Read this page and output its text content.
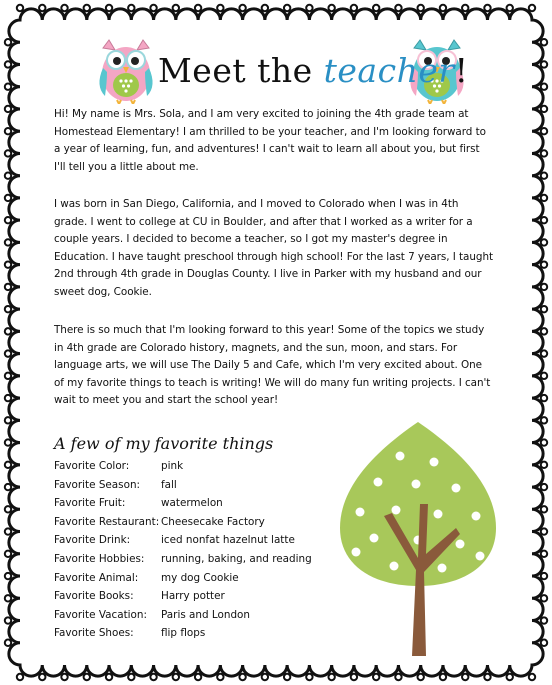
Meet the teacher!

Hi! My name is Mrs. Sola, and I am very excited to joining the 4th grade team at Homestead Elementary! I am thrilled to be your teacher, and I'm looking forward to a year of learning, fun, and adventures! I can't wait to learn all about you, but first I'll tell you a little about me.

I was born in San Diego, California, and I moved to Colorado when I was in 4th grade. I went to college at CU in Boulder, and after that I worked as a writer for a couple years. I decided to become a teacher, so I got my master's degree in Education. I have taught preschool through high school! For the last 7 years, I taught 2nd through 4th grade in Douglas County. I live in Parker with my husband and our sweet dog, Cookie.

There is so much that I'm looking forward to this year! Some of the topics we study in 4th grade are Colorado history, magnets, and the sun, moon, and stars. For language arts, we will use The Daily 5 and Cafe, which I'm very excited about. One of my favorite things to teach is writing! We will do many fun writing projects. I can't wait to meet you and start the school year!

A few of my favorite things
Favorite Color:	pink
Favorite Season: fall
Favorite Fruit:	watermelon
Favorite Restaurant: Cheesecake Factory
Favorite Drink:	iced nonfat hazelnut latte
Favorite Hobbies: running, baking, and reading
Favorite Animal: my dog Cookie
Favorite Books:	Harry potter
Favorite Vacation: Paris and London
Favorite Shoes:	flip flops
